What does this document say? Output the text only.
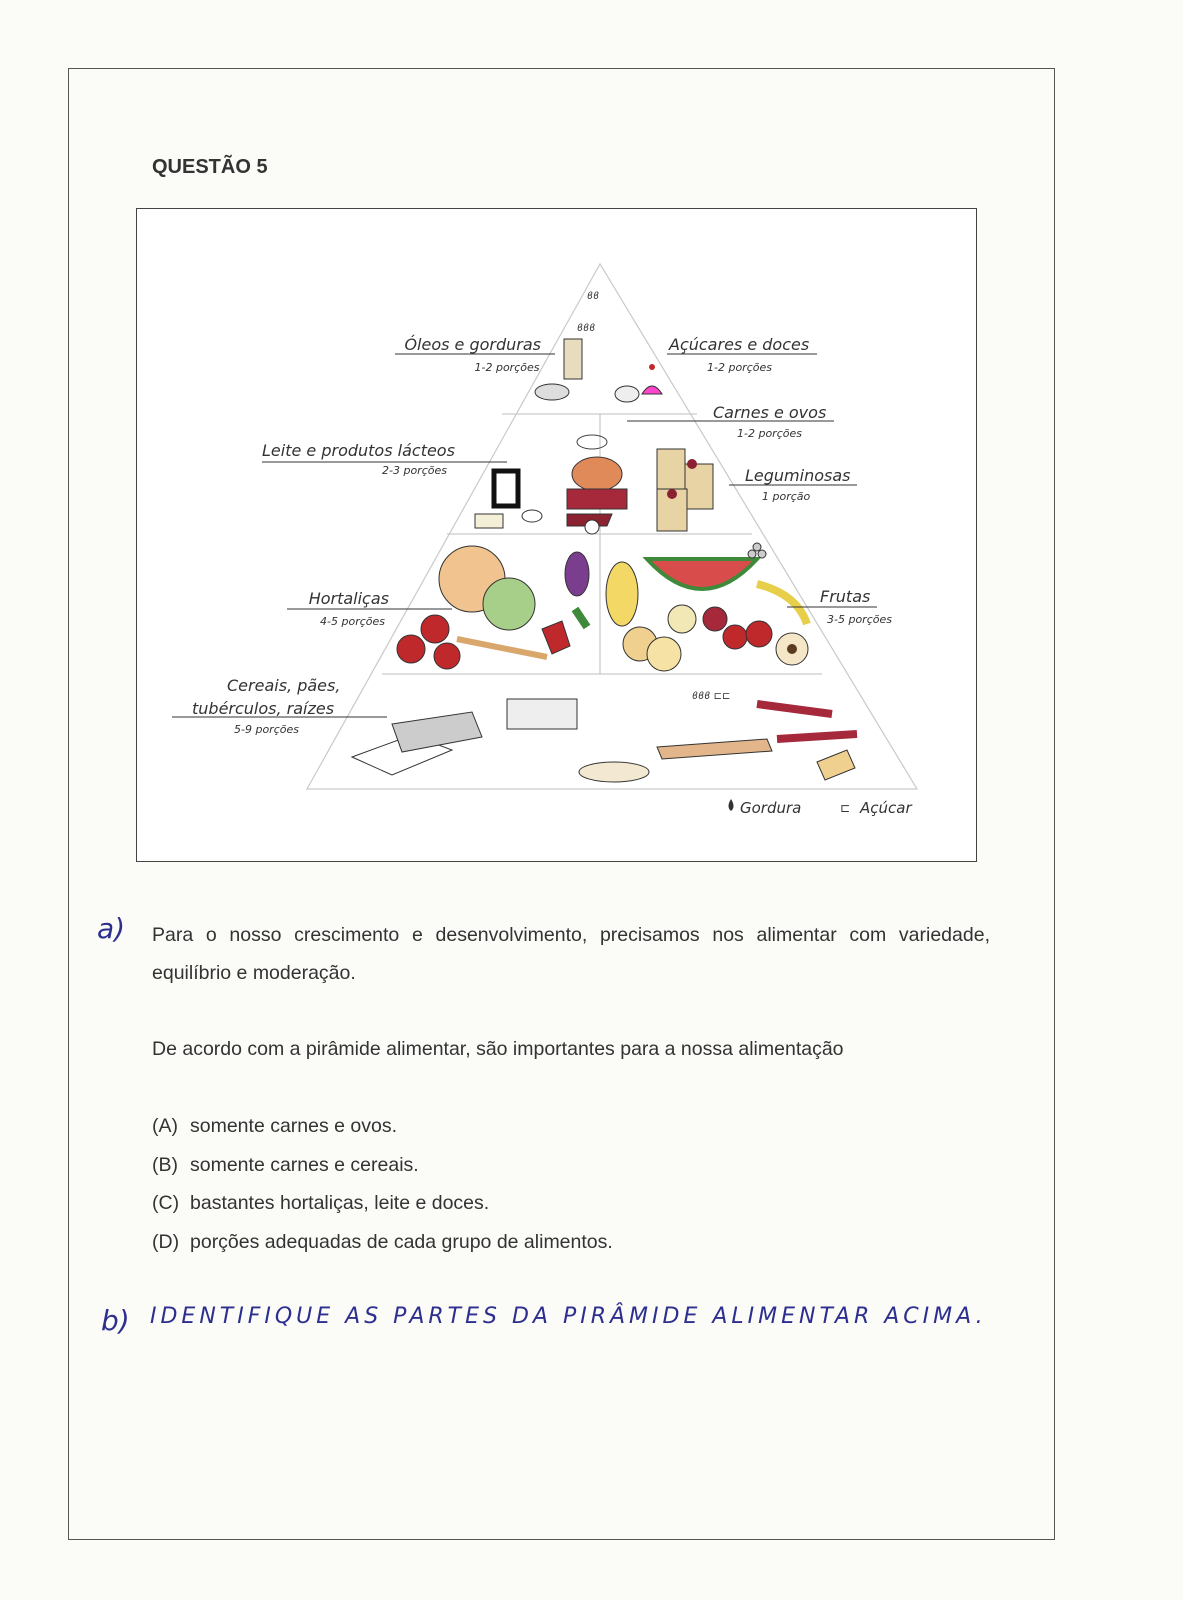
QUESTÃO 5
ϐϐ
ϐϐϐ
ϐϐϐ ⊏⊏
Óleos e gorduras
1-2 porções
Açúcares e doces
1-2 porções
Carnes e ovos
1-2 porções
Leite e produtos lácteos
2-3 porções	Leguminosas
1 porção
Hortaliças
4-5 porções
Frutas
3-5 porções
Cereais, pães,
tubérculos, raízes
5-9 porções
Gordura	⊏ Açúcar
a) Para o nosso crescimento e desenvolvimento, precisamos nos alimentar com variedade, equilíbrio e moderação.
De acordo com a pirâmide alimentar, são importantes para a nossa alimentação
(A) somente carnes e ovos.
(B) somente carnes e cereais.
(C) bastantes hortaliças, leite e doces.
(D) porções adequadas de cada grupo de alimentos.
b) IDENTIFIQUE AS PARTES DA PIRÂMIDE ALIMENTAR ACIMA.
